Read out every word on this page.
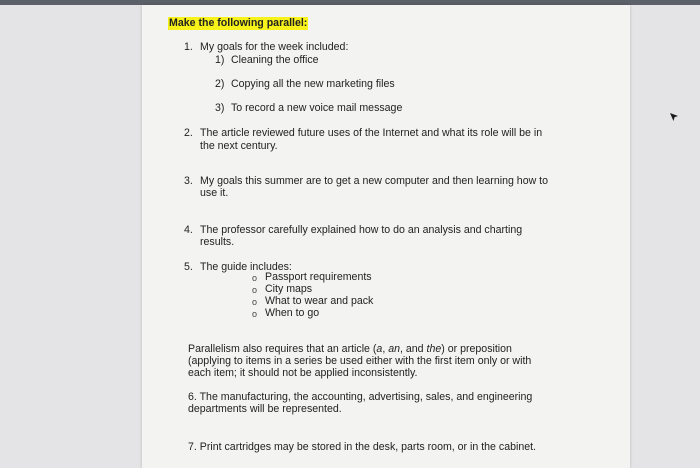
Make the following parallel:
1. My goals for the week included:
1) Cleaning the office
2) Copying all the new marketing files
3) To record a new voice mail message
2. The article reviewed future uses of the Internet and what its role will be in
the next century.
3. My goals this summer are to get a new computer and then learning how to
use it.
4. The professor carefully explained how to do an analysis and charting
results.
5. The guide includes:
o Passport requirements
o City maps
o What to wear and pack
o When to go
Parallelism also requires that an article (a, an, and the) or preposition
(applying to items in a series be used either with the first item only or with
each item; it should not be applied inconsistently.
6. The manufacturing, the accounting, advertising, sales, and engineering
departments will be represented.
7. Print cartridges may be stored in the desk, parts room, or in the cabinet.
